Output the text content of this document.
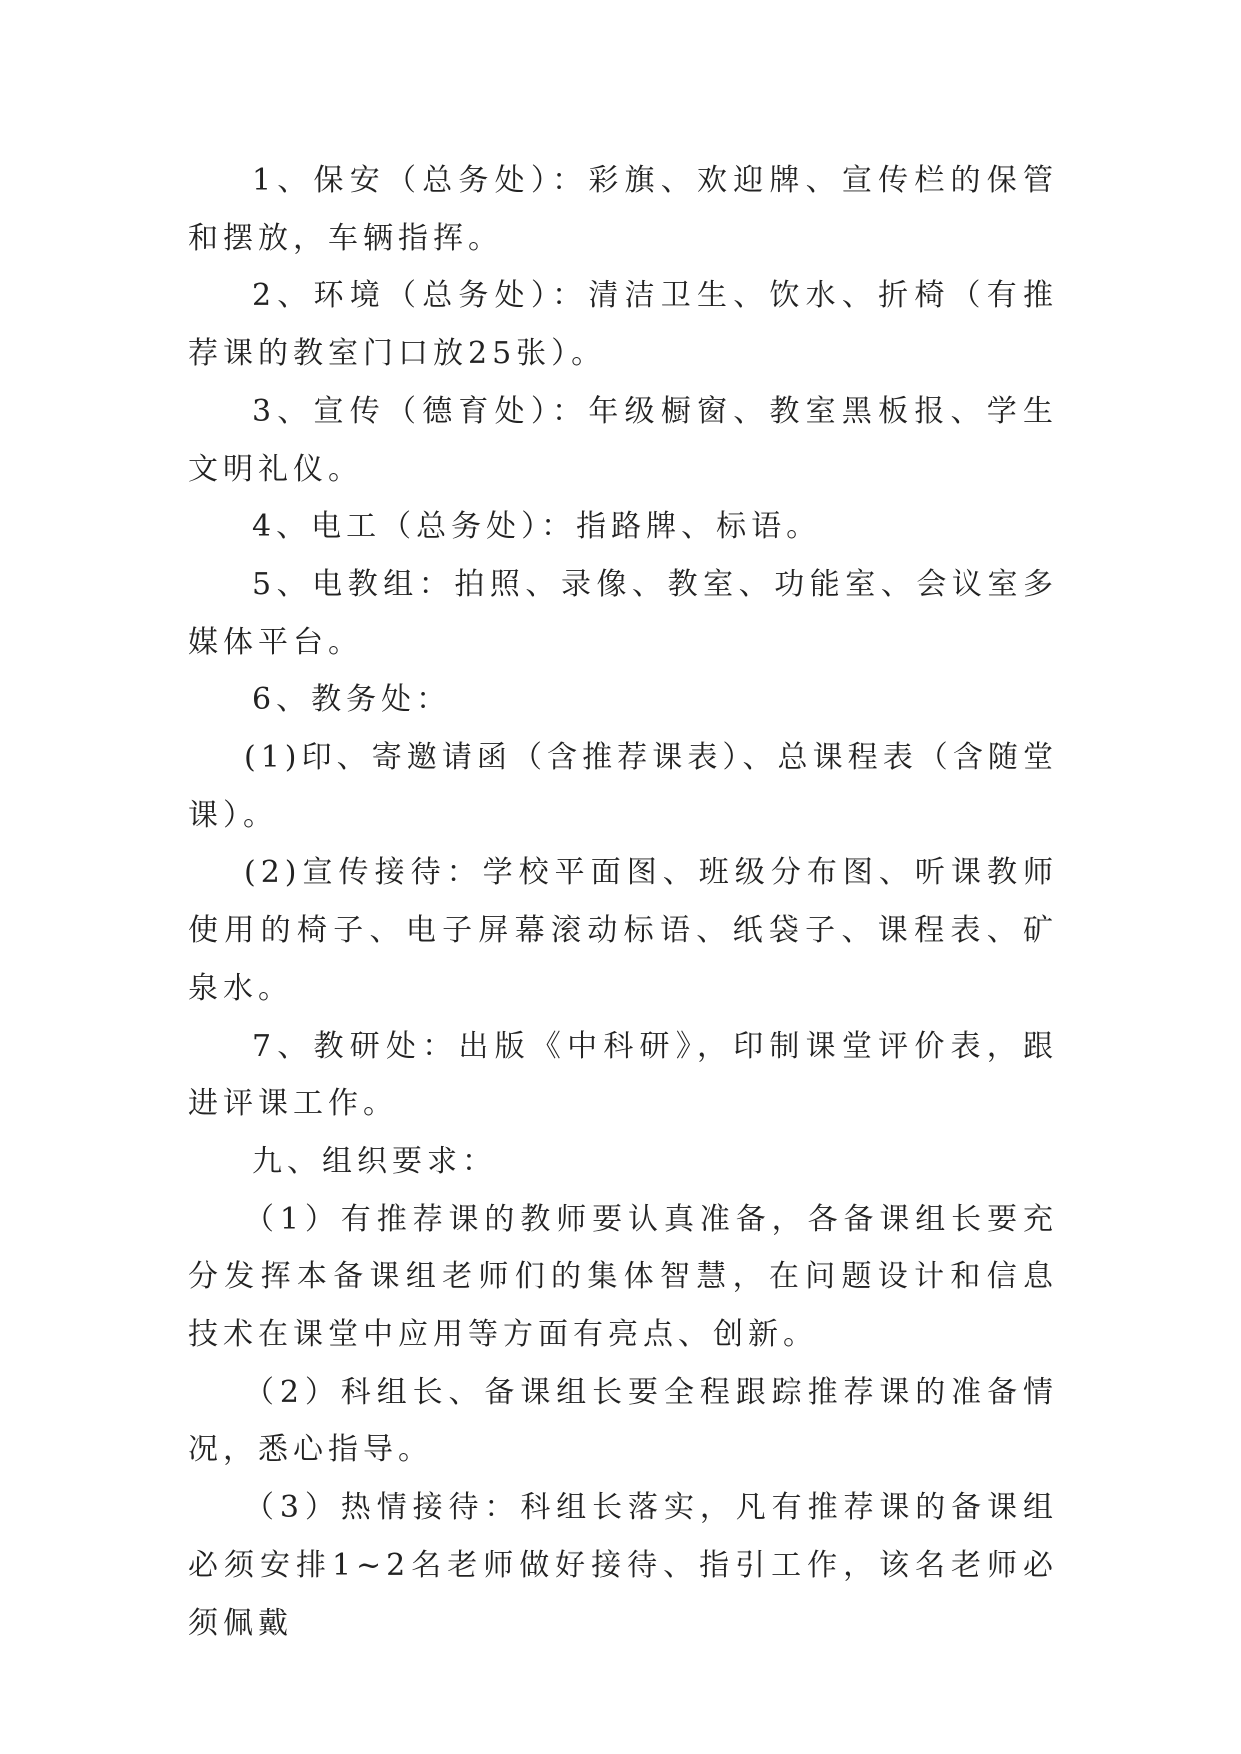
1、保安（总务处）：彩旗、欢迎牌、宣传栏的保管和摆放，车辆指挥。

2、环境（总务处）：清洁卫生、饮水、折椅（有推荐课的教室门口放25张）。

3、宣传（德育处）：年级橱窗、教室黑板报、学生文明礼仪。

4、电工（总务处）：指路牌、标语。

5、电教组：拍照、录像、教室、功能室、会议室多媒体平台。

6、教务处：

(1)印、寄邀请函（含推荐课表）、总课程表（含随堂课）。

(2)宣传接待：学校平面图、班级分布图、听课教师使用的椅子、电子屏幕滚动标语、纸袋子、课程表、矿泉水。

7、教研处：出版《中科研》，印制课堂评价表，跟进评课工作。

九、组织要求：

（1）有推荐课的教师要认真准备，各备课组长要充分发挥本备课组老师们的集体智慧，在问题设计和信息技术在课堂中应用等方面有亮点、创新。

（2）科组长、备课组长要全程跟踪推荐课的准备情况，悉心指导。

（3）热情接待：科组长落实，凡有推荐课的备课组必须安排1~2名老师做好接待、指引工作，该名老师必须佩戴
